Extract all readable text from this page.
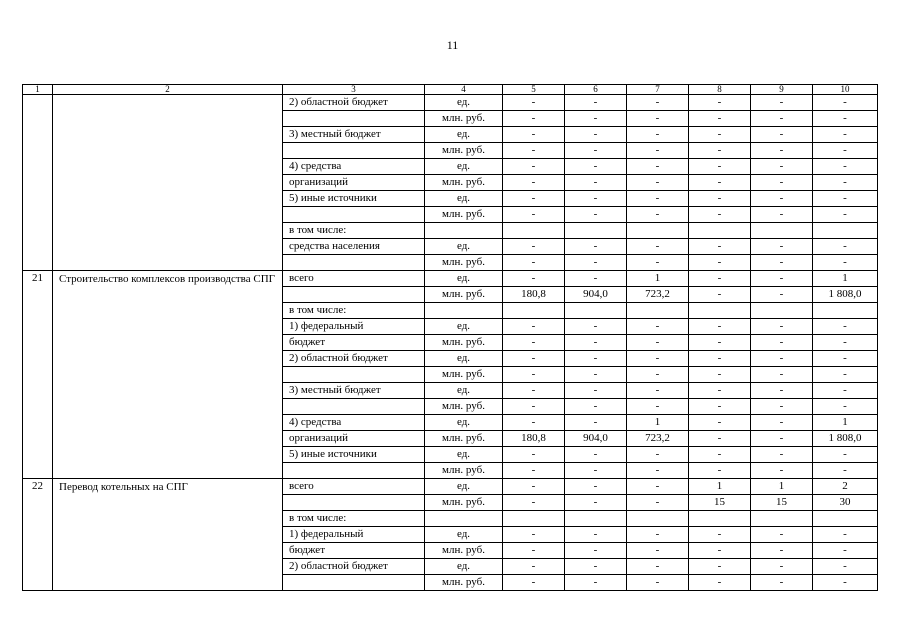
11
1	2	3	4	5	6	7	8	9	10
		2) областной бюджет	ед.	-	-	-	-	-	-
			млн. руб.	-	-	-	-	-	-
		3) местный бюджет	ед.	-	-	-	-	-	-
			млн. руб.	-	-	-	-	-	-
		4) средства	ед.	-	-	-	-	-	-
		организаций	млн. руб.	-	-	-	-	-	-
		5) иные источники	ед.	-	-	-	-	-	-
			млн. руб.	-	-	-	-	-	-
		в том числе:							
		средства населения	ед.	-	-	-	-	-	-
			млн. руб.	-	-	-	-	-	-
21	Строительство комплексов производства СПГ	всего	ед.	-	-	1	-	-	1
			млн. руб.	180,8	904,0	723,2	-	-	1 808,0
		в том числе:							
		1) федеральный	ед.	-	-	-	-	-	-
		бюджет	млн. руб.	-	-	-	-	-	-
		2) областной бюджет	ед.	-	-	-	-	-	-
			млн. руб.	-	-	-	-	-	-
		3) местный бюджет	ед.	-	-	-	-	-	-
			млн. руб.	-	-	-	-	-	-
		4) средства	ед.	-	-	1	-	-	1
		организаций	млн. руб.	180,8	904,0	723,2	-	-	1 808,0
		5) иные источники	ед.	-	-	-	-	-	-
			млн. руб.	-	-	-	-	-	-
22	Перевод котельных на СПГ	всего	ед.	-	-	-	1	1	2
			млн. руб.	-	-	-	15	15	30
		в том числе:							
		1) федеральный	ед.	-	-	-	-	-	-
		бюджет	млн. руб.	-	-	-	-	-	-
		2) областной бюджет	ед.	-	-	-	-	-	-
			млн. руб.	-	-	-	-	-	-
